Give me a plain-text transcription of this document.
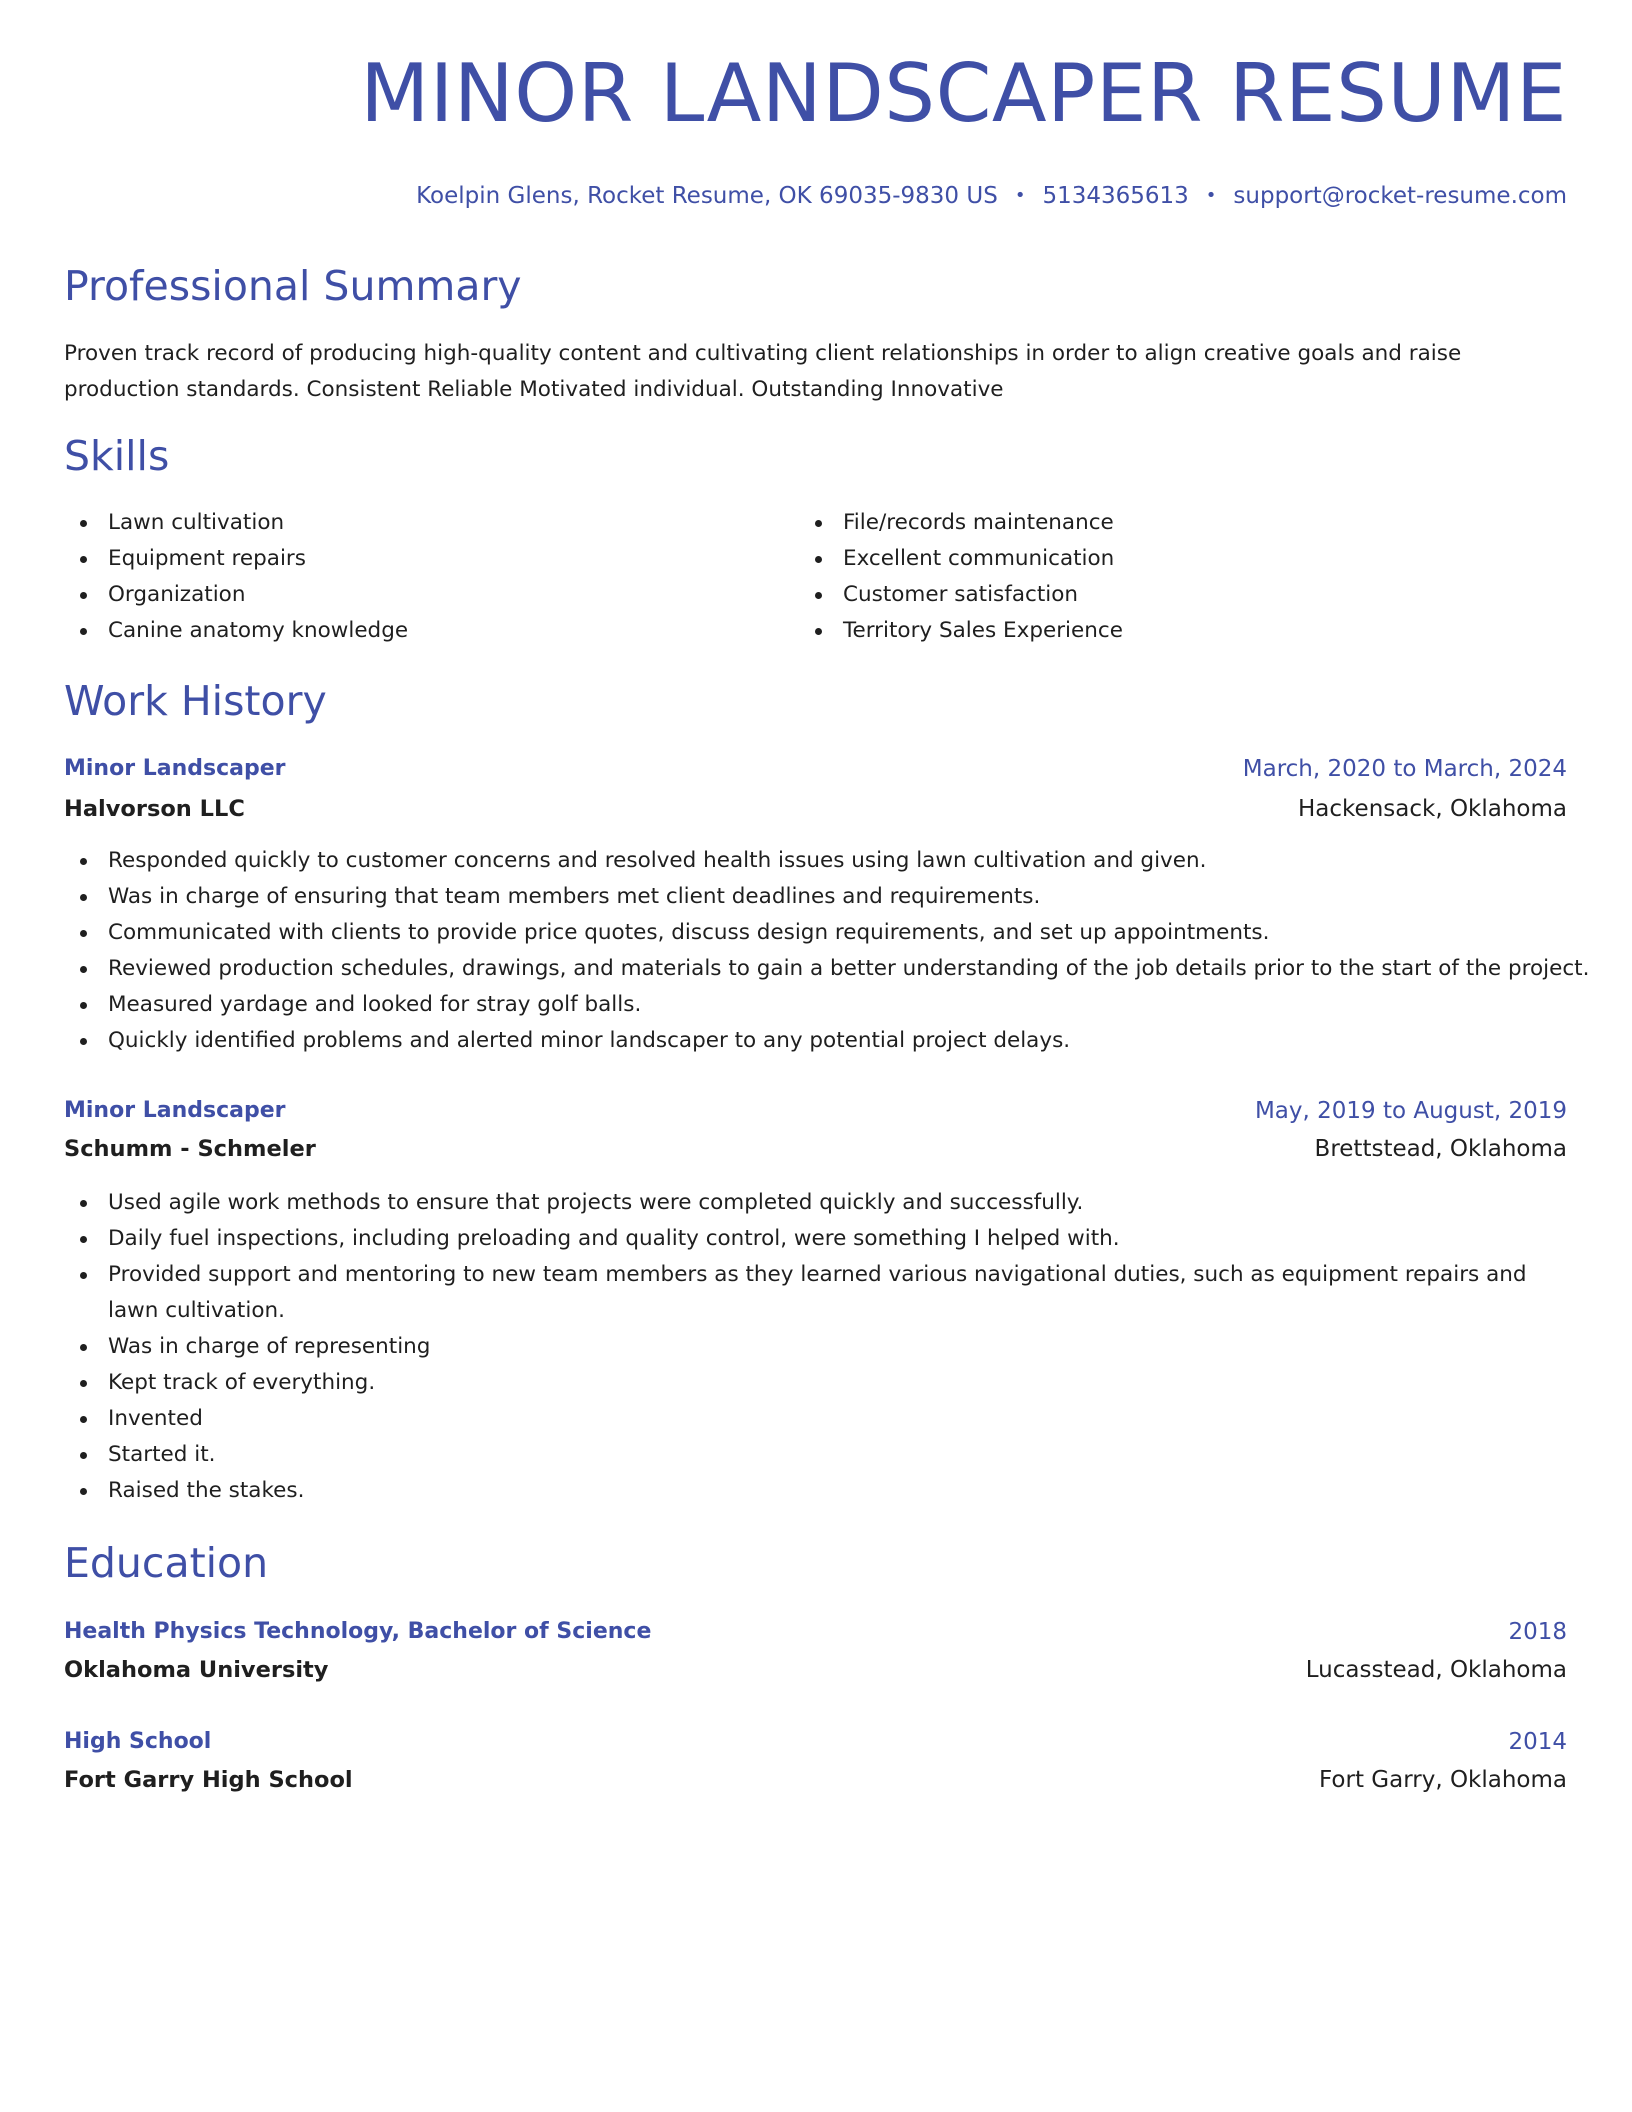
MINOR LANDSCAPER RESUME
Koelpin Glens, Rocket Resume, OK 69035-9830 US • 5134365613 • support@rocket-resume.com
Professional Summary

Proven track record of producing high-quality content and cultivating client relationships in order to align creative goals and raise production standards. Consistent Reliable Motivated individual. Outstanding Innovative

Skills
Lawn cultivation
Equipment repairs
Organization
Canine anatomy knowledge
File/records maintenance
Excellent communication
Customer satisfaction
Territory Sales Experience
Work History
Minor Landscaper	March, 2020 to March, 2024
Halvorson LLC	Hackensack, Oklahoma
Responded quickly to customer concerns and resolved health issues using lawn cultivation and given.
Was in charge of ensuring that team members met client deadlines and requirements.
Communicated with clients to provide price quotes, discuss design requirements, and set up appointments.
Reviewed production schedules, drawings, and materials to gain a better understanding of the job details prior to the start of the project.
Measured yardage and looked for stray golf balls.
Quickly identified problems and alerted minor landscaper to any potential project delays.
Minor Landscaper	May, 2019 to August, 2019
Schumm - Schmeler	Brettstead, Oklahoma
Used agile work methods to ensure that projects were completed quickly and successfully.
Daily fuel inspections, including preloading and quality control, were something I helped with.
Provided support and mentoring to new team members as they learned various navigational duties, such as equipment repairs and lawn cultivation.
Was in charge of representing
Kept track of everything.
Invented
Started it.
Raised the stakes.
Education
Health Physics Technology, Bachelor of Science	2018
Oklahoma University	Lucasstead, Oklahoma
High School	2014
Fort Garry High School	Fort Garry, Oklahoma
